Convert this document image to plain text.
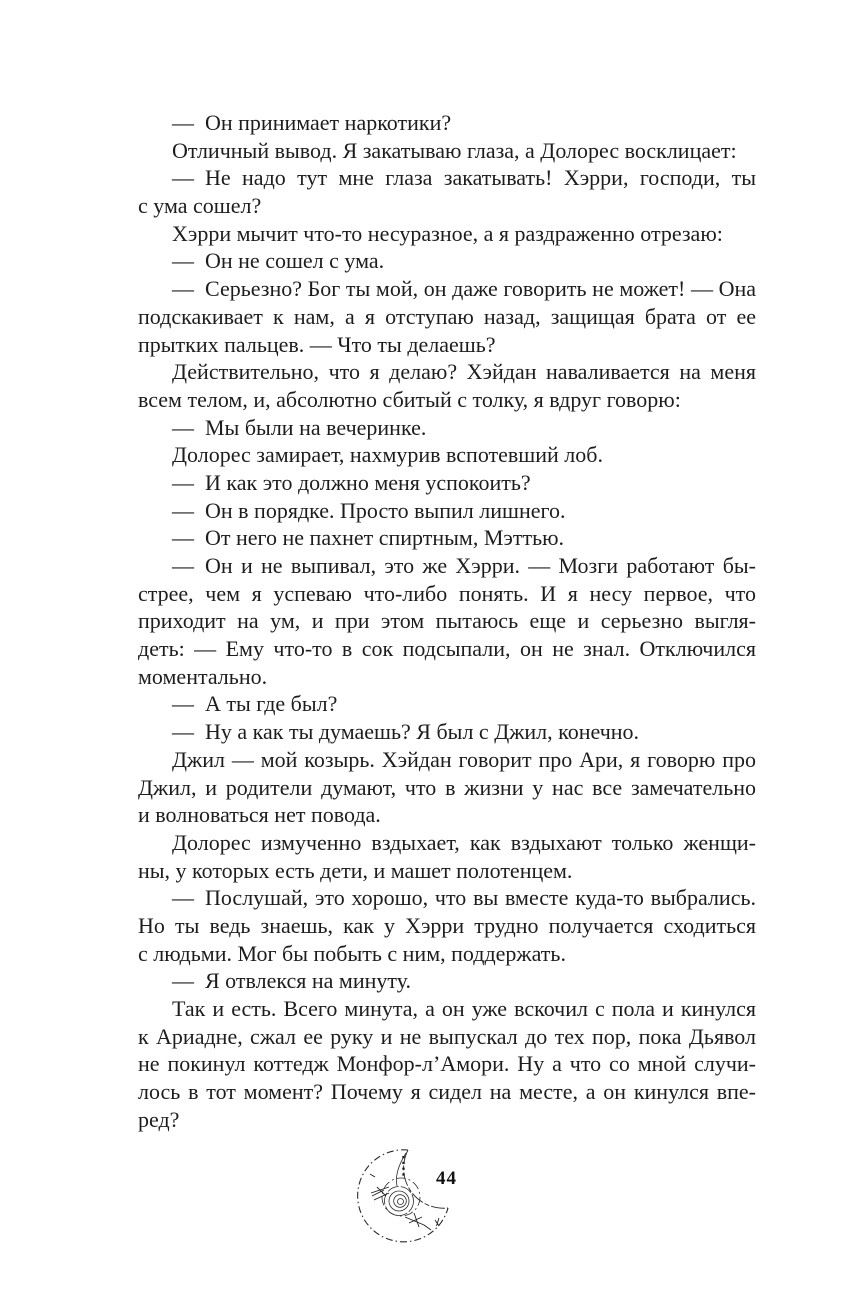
— Он принимает наркотики?
Отличный вывод. Я закатываю глаза, а Долорес восклицает:
— Не надо тут мне глаза закатывать! Хэрри, господи, ты
с ума сошел?
Хэрри мычит что-то несуразное, а я раздраженно отрезаю:
— Он не сошел с ума.
— Серьезно? Бог ты мой, он даже говорить не может! — Она
подскакивает к нам, а я отступаю назад, защищая брата от ее
прытких пальцев. — Что ты делаешь?
Действительно, что я делаю? Хэйдан наваливается на меня
всем телом, и, абсолютно сбитый с толку, я вдруг говорю:
— Мы были на вечеринке.
Долорес замирает, нахмурив вспотевший лоб.
— И как это должно меня успокоить?
— Он в порядке. Просто выпил лишнего.
— От него не пахнет спиртным, Мэттью.
— Он и не выпивал, это же Хэрри. — Мозги работают бы-
стрее, чем я успеваю что-либо понять. И я несу первое, что
приходит на ум, и при этом пытаюсь еще и серьезно выгля-
деть: — Ему что-то в сок подсыпали, он не знал. Отключился
моментально.
— А ты где был?
— Ну а как ты думаешь? Я был с Джил, конечно.
Джил — мой козырь. Хэйдан говорит про Ари, я говорю про
Джил, и родители думают, что в жизни у нас все замечательно
и волноваться нет повода.
Долорес измученно вздыхает, как вздыхают только женщи-
ны, у которых есть дети, и машет полотенцем.
— Послушай, это хорошо, что вы вместе куда-то выбрались.
Но ты ведь знаешь, как у Хэрри трудно получается сходиться
с людьми. Мог бы побыть с ним, поддержать.
— Я отвлекся на минуту.
Так и есть. Всего минута, а он уже вскочил с пола и кинулся
к Ариадне, сжал ее руку и не выпускал до тех пор, пока Дьявол
не покинул коттедж Монфор-л’Амори. Ну а что со мной случи-
лось в тот момент? Почему я сидел на месте, а он кинулся впе-
ред?
44
